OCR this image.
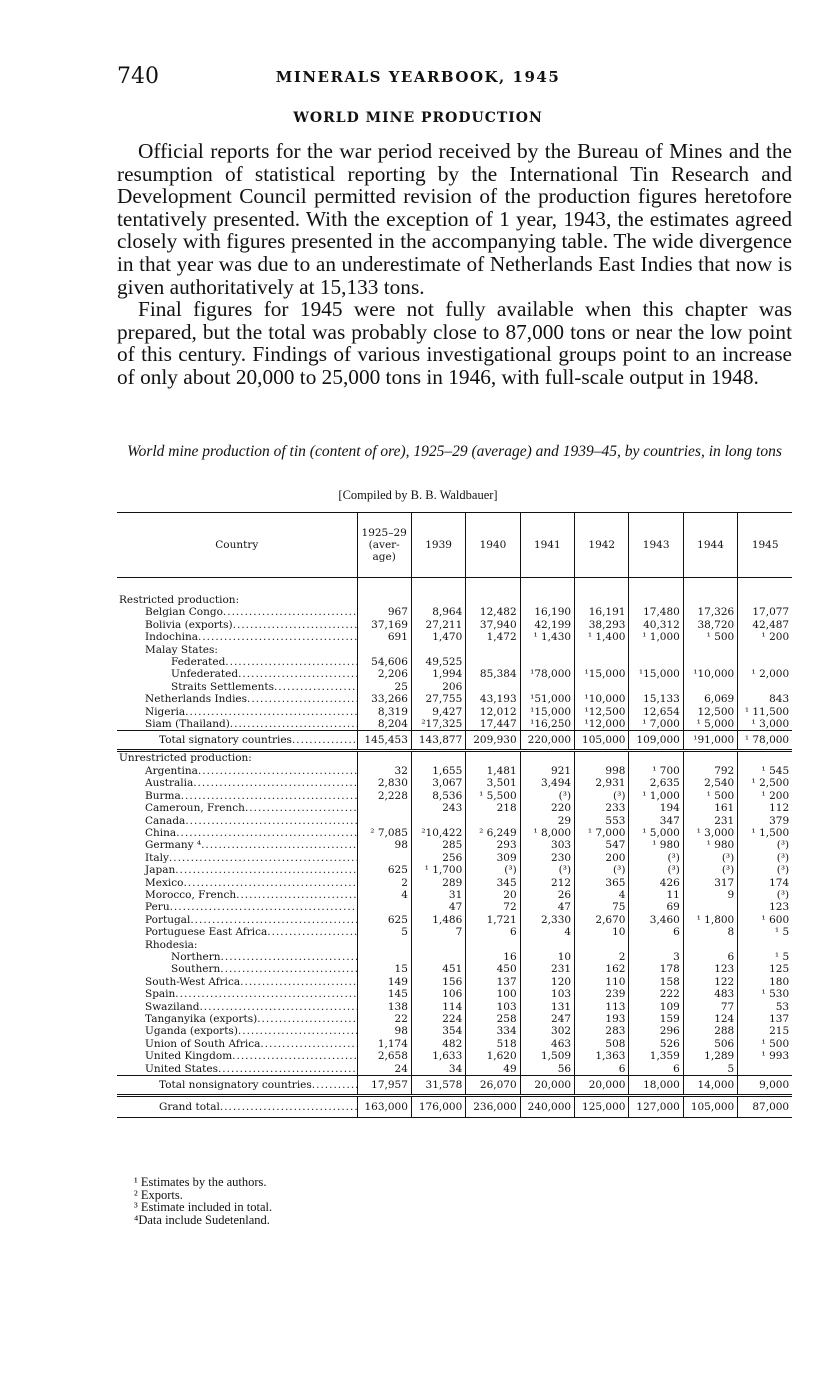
740	MINERALS YEARBOOK, 1945
WORLD MINE PRODUCTION

Official reports for the war period received by the Bureau of Mines and the resumption of statistical reporting by the International Tin Research and Development Council permitted revision of the production figures heretofore tentatively presented. With the exception of 1 year, 1943, the estimates agreed closely with figures presented in the accompanying table. The wide divergence in that year was due to an underestimate of Netherlands East Indies that now is given authoritatively at 15,133 tons.

Final figures for 1945 were not fully available when this chapter was prepared, but the total was probably close to 87,000 tons or near the low point of this century. Findings of various investigational groups point to an increase of only about 20,000 to 25,000 tons in 1946, with full-scale output in 1948.

World mine production of tin (content of ore), 1925–29 (average) and 1939–45, by countries, in long tons
[Compiled by B. B. Waldbauer]
Country	1925–29 (aver-age)	1939	1940	1941	1942	1943	1944	1945

Restricted production:								
Belgian Congo .....	967	8,964	12,482	16,190	16,191	17,480	17,326	17,077
Bolivia (exports) .....	37,169	27,211	37,940	42,199	38,293	40,312	38,720	42,487
Indochina .....	691	1,470	1,472	¹ 1,430	¹ 1,400	¹ 1,000	¹ 500	¹ 200
Malay States:								
Federated .....	54,606	49,525						
Unfederated .....	2,206	1,994	85,384	¹78,000	¹15,000	¹15,000	¹10,000	¹ 2,000
Straits Settlements .....	25	206						
Netherlands Indies .....	33,266	27,755	43,193	¹51,000	¹10,000	15,133	6,069	843
Nigeria .....	8,319	9,427	12,012	¹15,000	¹12,500	12,654	12,500	¹ 11,500
Siam (Thailand) .....	8,204	²17,325	17,447	¹16,250	¹12,000	¹ 7,000	¹ 5,000	¹ 3,000
Total signatory countries .....	145,453	143,877	209,930	220,000	105,000	109,000	¹91,000	¹ 78,000
Unrestricted production:								
Argentina .....	32	1,655	1,481	921	998	¹ 700	792	¹ 545
Australia .....	2,830	3,067	3,501	3,494	2,931	2,635	2,540	¹ 2,500
Burma .....	2,228	8,536	¹ 5,500	(³)	(³)	¹ 1,000	¹ 500	¹ 200
Cameroun, French .....		243	218	220	233	194	161	112
Canada .....				29	553	347	231	379
China .....	² 7,085	²10,422	² 6,249	¹ 8,000	¹ 7,000	¹ 5,000	¹ 3,000	¹ 1,500
Germany ⁴ .....	98	285	293	303	547	¹ 980	¹ 980	(³)
Italy .....		256	309	230	200	(³)	(³)	(³)
Japan .....	625	¹ 1,700	(³)	(³)	(³)	(³)	(³)	(³)
Mexico .....	2	289	345	212	365	426	317	174
Morocco, French .....	4	31	20	26	4	11	9	(³)
Peru .....		47	72	47	75	69		123
Portugal .....	625	1,486	1,721	2,330	2,670	3,460	¹ 1,800	¹ 600
Portuguese East Africa .....	5	7	6	4	10	6	8	¹ 5
Rhodesia:								
Northern .....			16	10	2	3	6	¹ 5
Southern .....	15	451	450	231	162	178	123	125
South-West Africa .....	149	156	137	120	110	158	122	180
Spain .....	145	106	100	103	239	222	483	¹ 530
Swaziland .....	138	114	103	131	113	109	77	53
Tanganyika (exports) .....	22	224	258	247	193	159	124	137
Uganda (exports) .....	98	354	334	302	283	296	288	215
Union of South Africa .....	1,174	482	518	463	508	526	506	¹ 500
United Kingdom .....	2,658	1,633	1,620	1,509	1,363	1,359	1,289	¹ 993
United States .....	24	34	49	56	6	6	5	
Total nonsignatory countries .....	17,957	31,578	26,070	20,000	20,000	18,000	14,000	9,000
Grand total .....	163,000	176,000	236,000	240,000	125,000	127,000	105,000	87,000
¹ Estimates by the authors.
² Exports.
³ Estimate included in total.
⁴Data include Sudetenland.
